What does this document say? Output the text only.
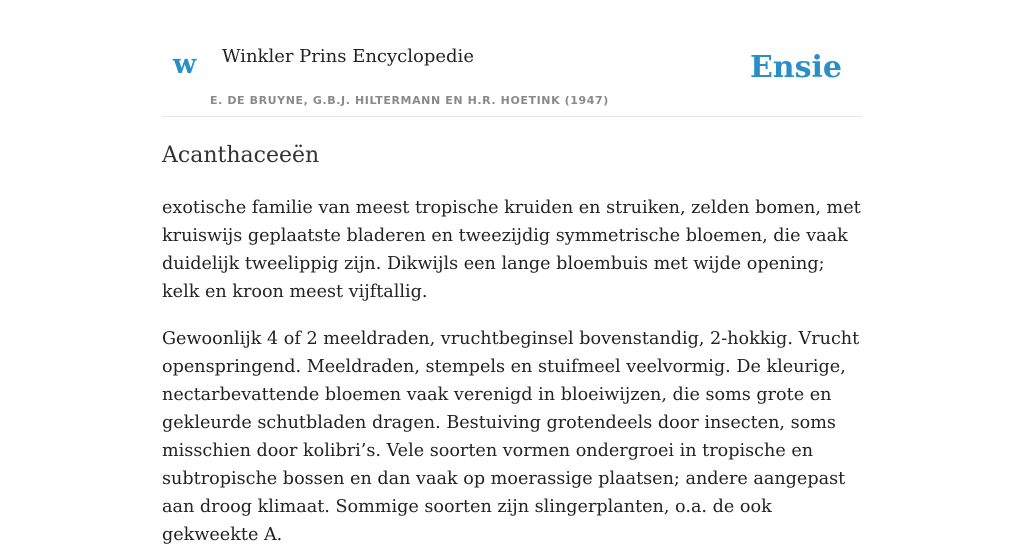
w Winkler Prins Encyclopedie
E. DE BRUYNE, G.B.J. HILTERMANN EN H.R. HOETINK (1947)
Ensie
Acanthaceeën

exotische familie van meest tropische kruiden en struiken, zelden bomen, met kruiswijs geplaatste bladeren en tweezijdig symmetrische bloemen, die vaak duidelijk tweelippig zijn. Dikwijls een lange bloembuis met wijde opening; kelk en kroon meest vijftallig.

Gewoonlijk 4 of 2 meeldraden, vruchtbeginsel bovenstandig, 2-hokkig. Vrucht openspringend. Meeldraden, stempels en stuifmeel veelvormig. De kleurige, nectarbevattende bloemen vaak verenigd in bloeiwijzen, die soms grote en gekleurde schutbladen dragen. Bestuiving grotendeels door insecten, soms misschien door kolibri’s. Vele soorten vormen ondergroei in tropische en subtropische bossen en dan vaak op moerassige plaatsen; andere aangepast aan droog klimaat. Sommige soorten zijn slingerplanten, o.a. de ook gekweekte A.
